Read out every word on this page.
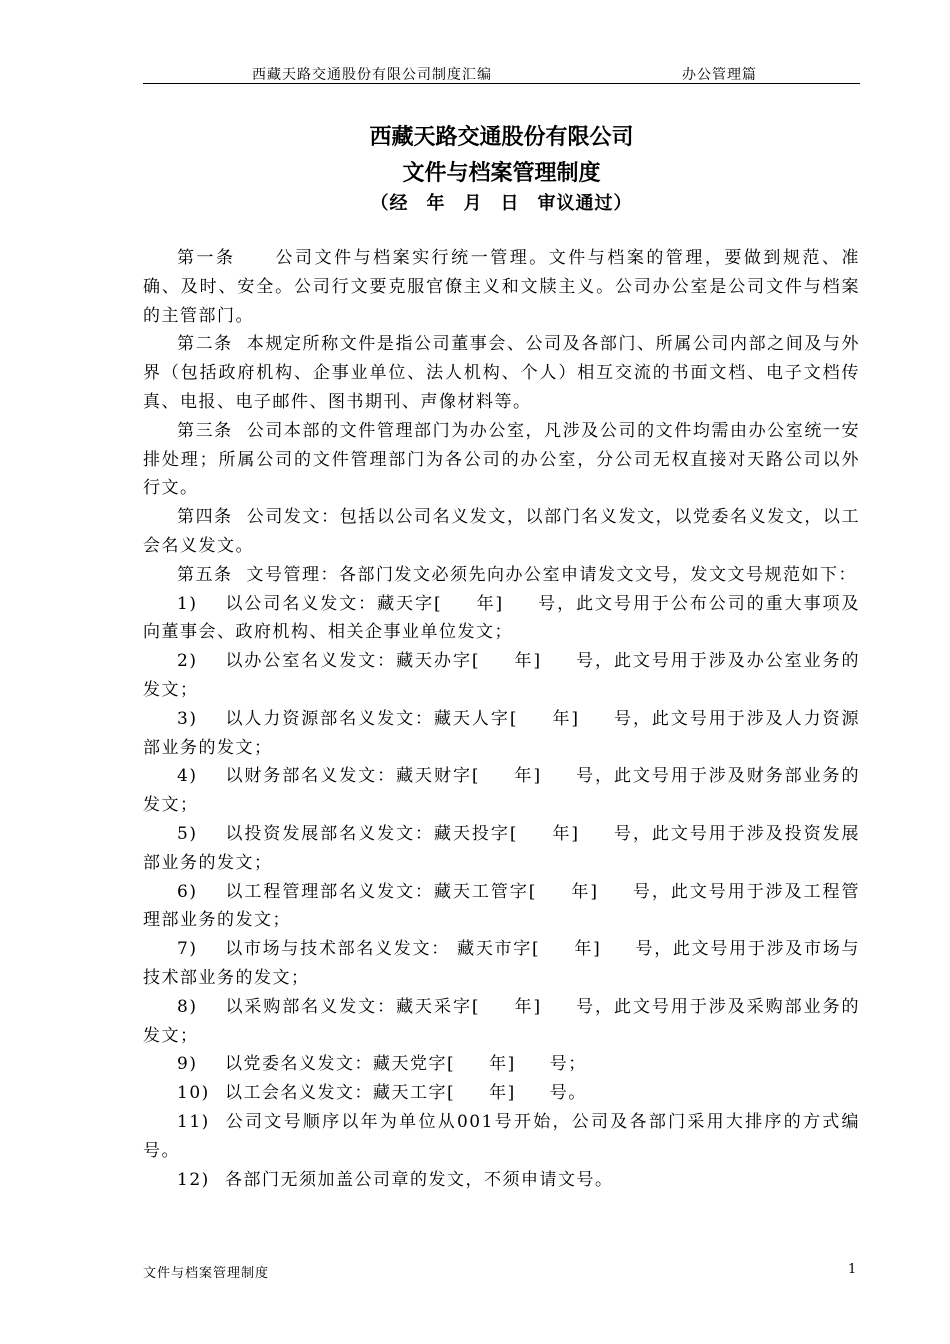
西藏天路交通股份有限公司制度汇编	办公管理篇
西藏天路交通股份有限公司
文件与档案管理制度
（经 年 月 日 审议通过）

第一条 公司文件与档案实行统一管理。文件与档案的管理，要做到规范、准确、及时、安全。公司行文要克服官僚主义和文牍主义。公司办公室是公司文件与档案的主管部门。

第二条 本规定所称文件是指公司董事会、公司及各部门、所属公司内部之间及与外界（包括政府机构、企事业单位、法人机构、个人）相互交流的书面文档、电子文档传真、电报、电子邮件、图书期刊、声像材料等。

第三条 公司本部的文件管理部门为办公室，凡涉及公司的文件均需由办公室统一安排处理；所属公司的文件管理部门为各公司的办公室，分公司无权直接对天路公司以外行文。

第四条 公司发文：包括以公司名义发文，以部门名义发文，以党委名义发文，以工会名义发文。

第五条 文号管理：各部门发文必须先向办公室申请发文文号，发文文号规范如下：

1) 以公司名义发文：藏天字[ 年] 号，此文号用于公布公司的重大事项及向董事会、政府机构、相关企事业单位发文；

2) 以办公室名义发文：藏天办字[ 年] 号，此文号用于涉及办公室业务的发文；

3) 以人力资源部名义发文：藏天人字[ 年] 号，此文号用于涉及人力资源部业务的发文；

4) 以财务部名义发文：藏天财字[ 年] 号，此文号用于涉及财务部业务的发文；

5) 以投资发展部名义发文：藏天投字[ 年] 号，此文号用于涉及投资发展部业务的发文；

6) 以工程管理部名义发文：藏天工管字[ 年] 号，此文号用于涉及工程管理部业务的发文；

7) 以市场与技术部名义发文： 藏天市字[ 年] 号，此文号用于涉及市场与技术部业务的发文；

8) 以采购部名义发文：藏天采字[ 年] 号，此文号用于涉及采购部业务的发文；

9) 以党委名义发文：藏天党字[ 年] 号；

10) 以工会名义发文：藏天工字[ 年] 号。

11) 公司文号顺序以年为单位从001号开始，公司及各部门采用大排序的方式编号。

12) 各部门无须加盖公司章的发文，不须申请文号。

文件与档案管理制度	1
